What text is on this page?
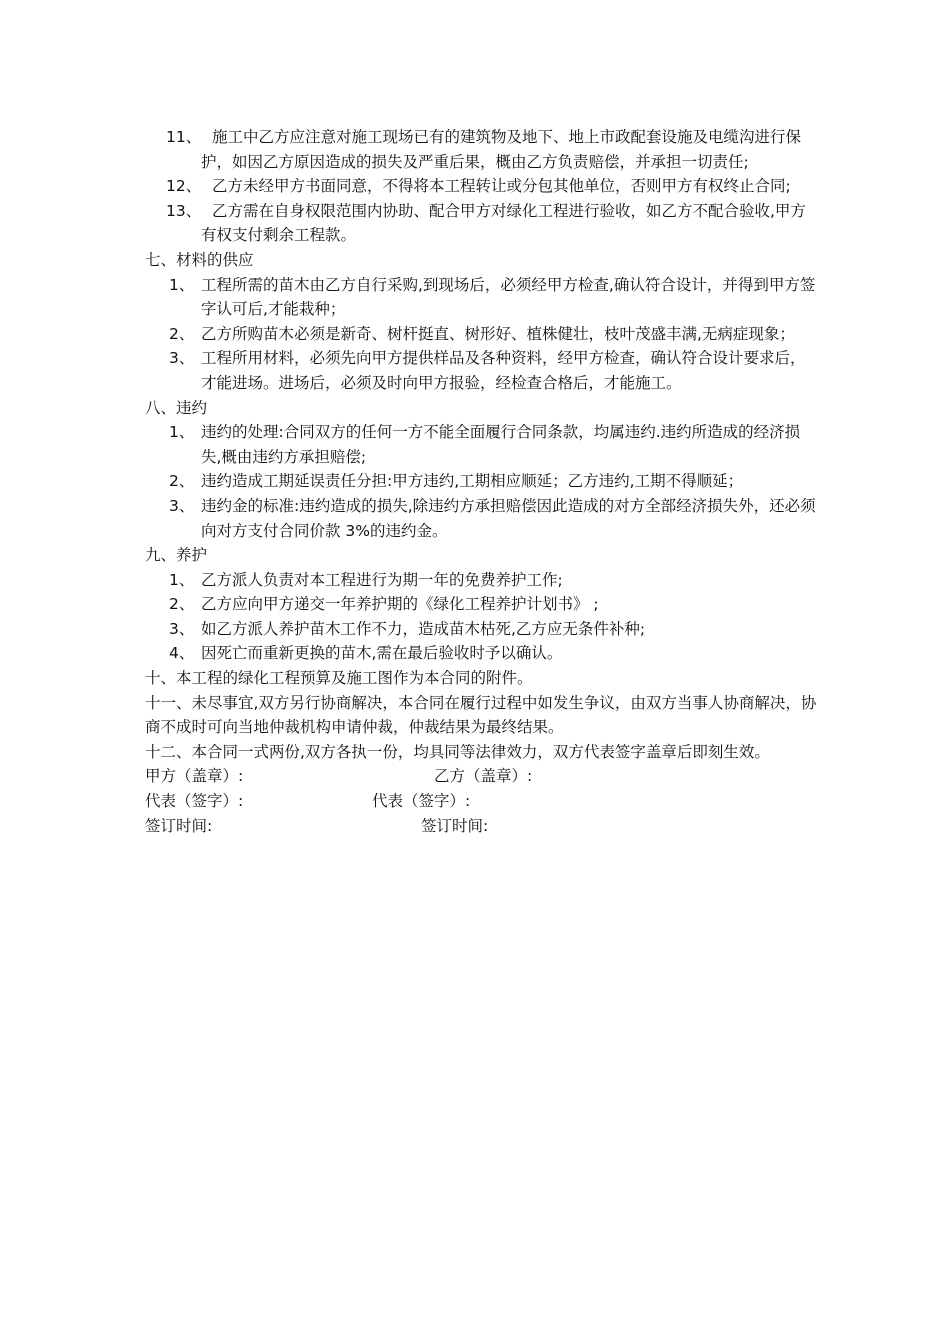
11、 施工中乙方应注意对施工现场已有的建筑物及地下、地上市政配套设施及电缆沟进行保护，如因乙方原因造成的损失及严重后果，概由乙方负责赔偿，并承担一切责任;
12、 乙方未经甲方书面同意，不得将本工程转让或分包其他单位，否则甲方有权终止合同;
13、 乙方需在自身权限范围内协助、配合甲方对绿化工程进行验收，如乙方不配合验收,甲方有权支付剩余工程款。
七、材料的供应
1、 工程所需的苗木由乙方自行采购,到现场后，必须经甲方检查,确认符合设计，并得到甲方签字认可后,才能栽种；
2、 乙方所购苗木必须是新奇、树杆挺直、树形好、植株健壮，枝叶茂盛丰满,无病症现象；
3、 工程所用材料，必须先向甲方提供样品及各种资料，经甲方检查，确认符合设计要求后，才能进场。进场后，必须及时向甲方报验，经检查合格后，才能施工。
八、违约
1、 违约的处理:合同双方的任何一方不能全面履行合同条款，均属违约.违约所造成的经济损失,概由违约方承担赔偿;
2、 违约造成工期延误责任分担:甲方违约,工期相应顺延；乙方违约,工期不得顺延；
3、 违约金的标准:违约造成的损失,除违约方承担赔偿因此造成的对方全部经济损失外，还必须向对方支付合同价款 3%的违约金。
九、养护
1、 乙方派人负责对本工程进行为期一年的免费养护工作;
2、 乙方应向甲方递交一年养护期的《绿化工程养护计划书》 ;
3、 如乙方派人养护苗木工作不力，造成苗木枯死,乙方应无条件补种;
4、 因死亡而重新更换的苗木,需在最后验收时予以确认。
十、本工程的绿化工程预算及施工图作为本合同的附件。
十一、未尽事宜,双方另行协商解决，本合同在履行过程中如发生争议，由双方当事人协商解决，协商不成时可向当地仲裁机构申请仲裁，仲裁结果为最终结果。
十二、本合同一式两份,双方各执一份，均具同等法律效力，双方代表签字盖章后即刻生效。
甲方（盖章）:	乙方（盖章）:
代表（签字）:	代表（签字）:
签订时间:	签订时间:
